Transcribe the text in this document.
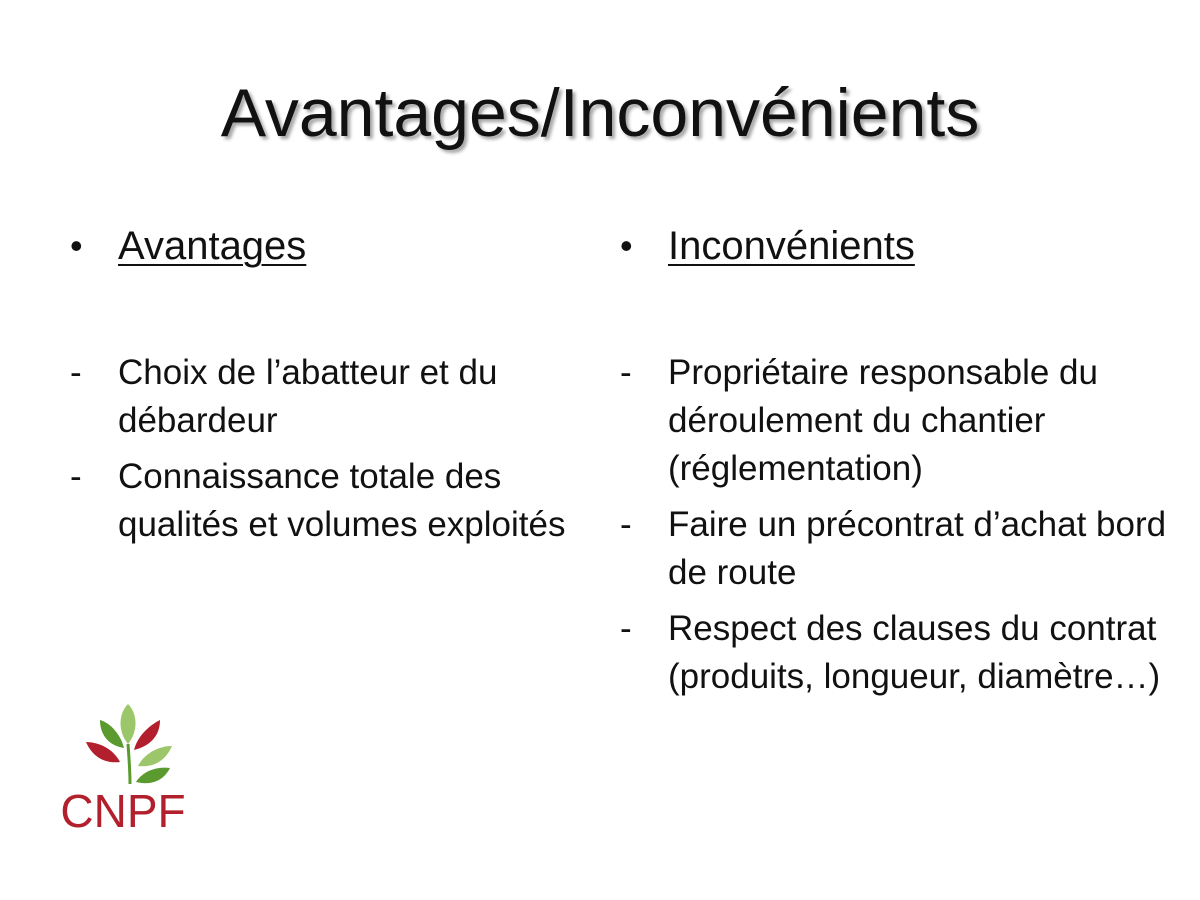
Avantages/Inconvénients
• Avantages
-	Choix de l’abatteur et du débardeur
-	Connaissance totale des qualités et volumes exploités
• Inconvénients
-	Propriétaire responsable du déroulement du chantier (réglementation)
-	Faire un précontrat d’achat bord de route
-	Respect des clauses du contrat (produits, longueur, diamètre…)
CNPF
